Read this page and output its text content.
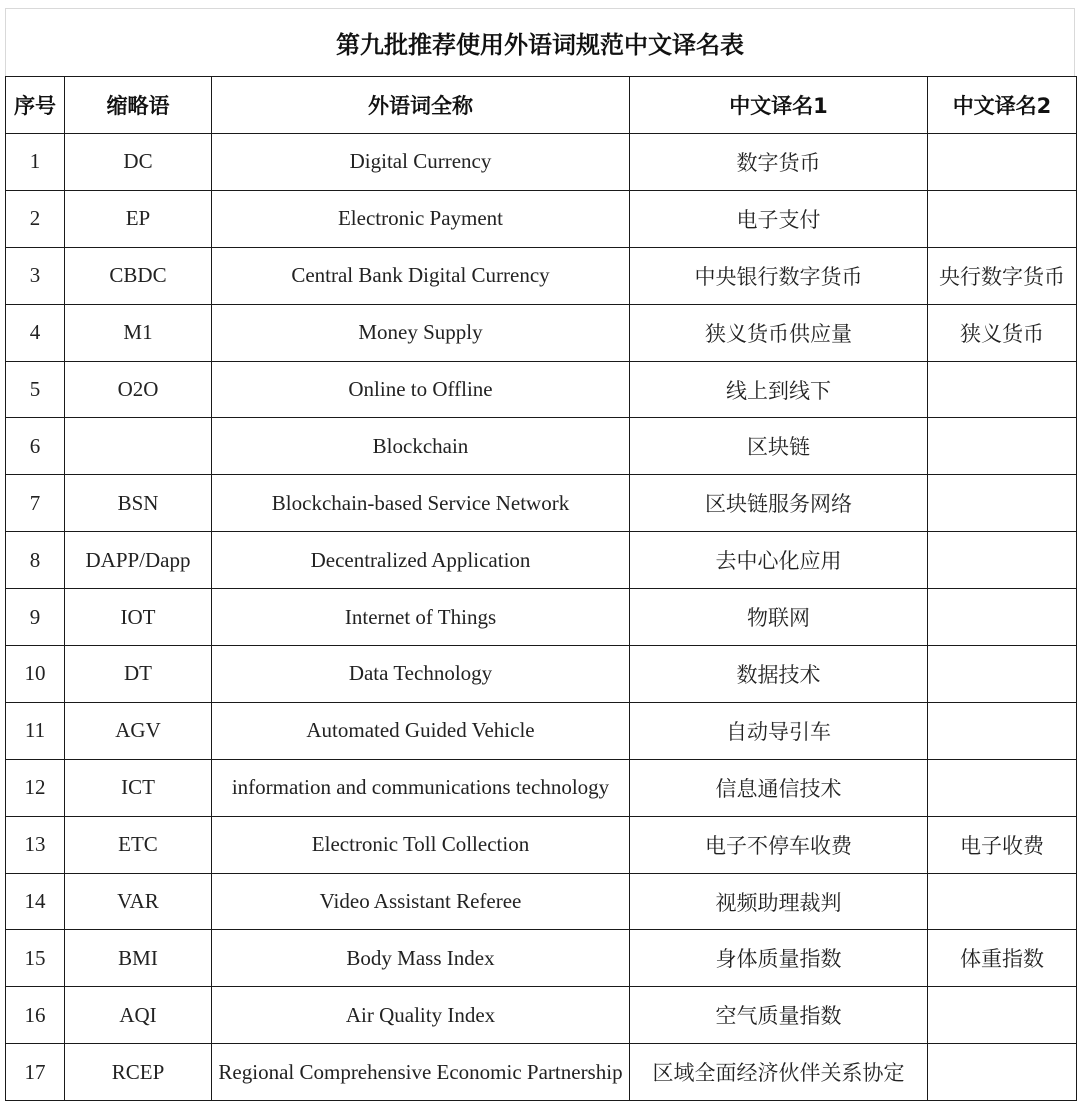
第九批推荐使用外语词规范中文译名表
序号	缩略语	外语词全称	中文译名1	中文译名2
1	DC	Digital Currency	数字货币	
2	EP	Electronic Payment	电子支付	
3	CBDC	Central Bank Digital Currency	中央银行数字货币	央行数字货币
4	M1	Money Supply	狭义货币供应量	狭义货币
5	O2O	Online to Offline	线上到线下	
6		Blockchain	区块链	
7	BSN	Blockchain-based Service Network	区块链服务网络	
8	DAPP/Dapp	Decentralized Application	去中心化应用	
9	IOT	Internet of Things	物联网	
10	DT	Data Technology	数据技术	
11	AGV	Automated Guided Vehicle	自动导引车	
12	ICT	information and communications technology	信息通信技术	
13	ETC	Electronic Toll Collection	电子不停车收费	电子收费
14	VAR	Video Assistant Referee	视频助理裁判	
15	BMI	Body Mass Index	身体质量指数	体重指数
16	AQI	Air Quality Index	空气质量指数	
17	RCEP	Regional Comprehensive Economic Partnership	区域全面经济伙伴关系协定	
